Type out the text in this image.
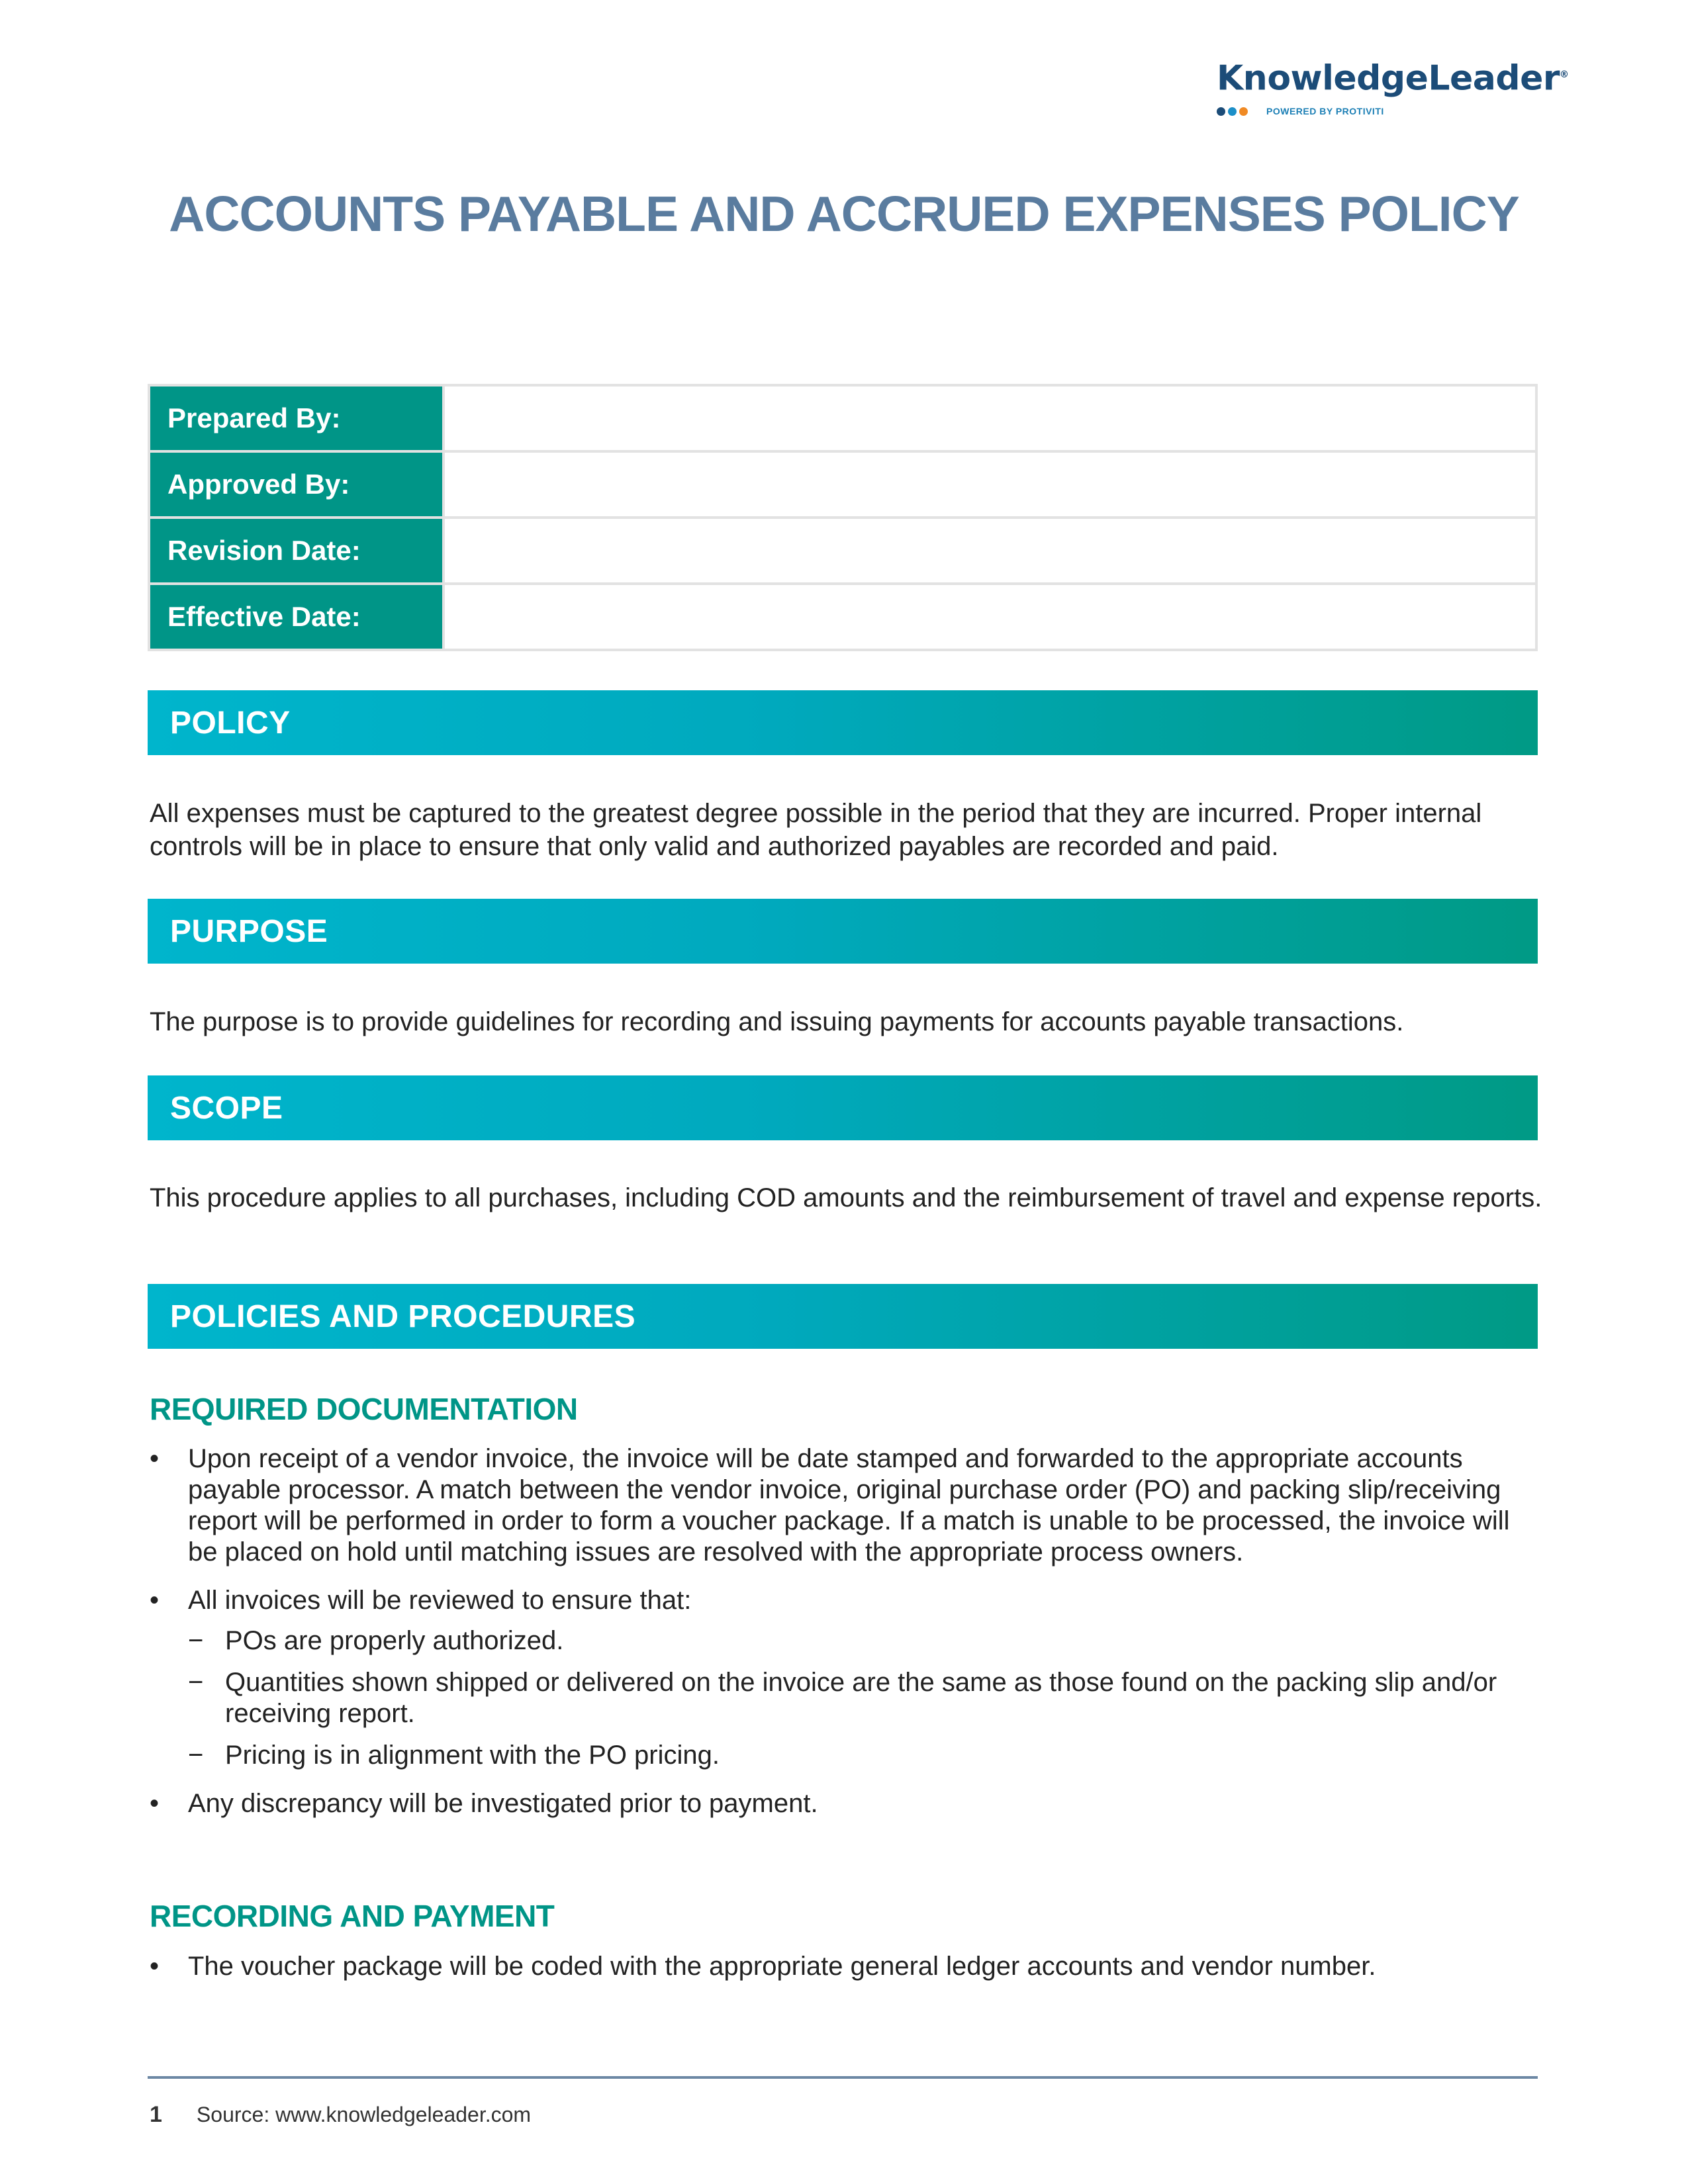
KnowledgeLeader®
POWERED BY PROTIVITI
ACCOUNTS PAYABLE AND ACCRUED EXPENSES POLICY
Prepared By:	
Approved By:	
Revision Date:	
Effective Date:	
POLICY

All expenses must be captured to the greatest degree possible in the period that they are incurred. Proper internal controls will be in place to ensure that only valid and authorized payables are recorded and paid.

PURPOSE

The purpose is to provide guidelines for recording and issuing payments for accounts payable transactions.

SCOPE

This procedure applies to all purchases, including COD amounts and the reimbursement of travel and expense reports.

POLICIES AND PROCEDURES
REQUIRED DOCUMENTATION
• Upon receipt of a vendor invoice, the invoice will be date stamped and forwarded to the appropriate accounts payable processor. A match between the vendor invoice, original purchase order (PO) and packing slip/receiving report will be performed in order to form a voucher package. If a match is unable to be processed, the invoice will be placed on hold until matching issues are resolved with the appropriate process owners.
• All invoices will be reviewed to ensure that:
− POs are properly authorized.
− Quantities shown shipped or delivered on the invoice are the same as those found on the packing slip and/or receiving report.
− Pricing is in alignment with the PO pricing.
• Any discrepancy will be investigated prior to payment.
RECORDING AND PAYMENT
• The voucher package will be coded with the appropriate general ledger accounts and vendor number.
1 Source: www.knowledgeleader.com
